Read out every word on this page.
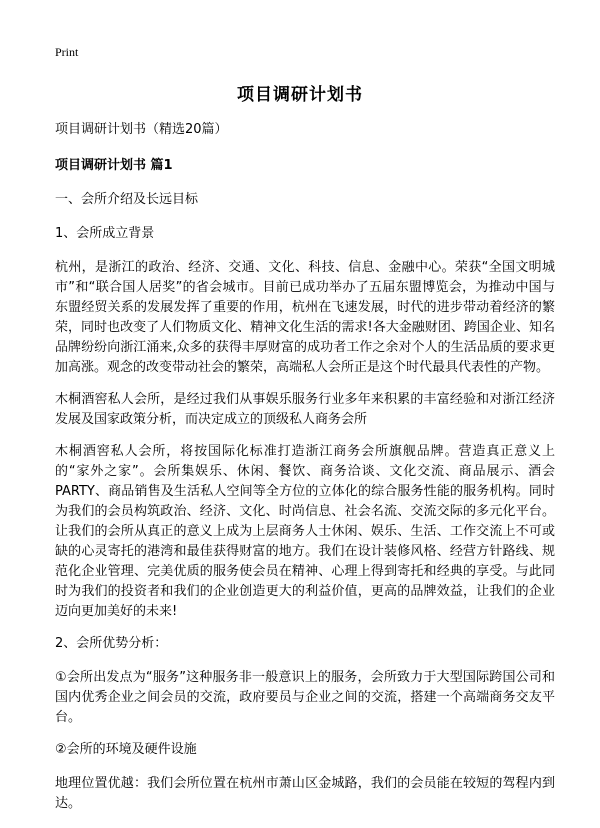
Print
项目调研计划书

项目调研计划书（精选20篇）

项目调研计划书 篇1

一、会所介绍及长远目标

1、会所成立背景

杭州，是浙江的政治、经济、交通、文化、科技、信息、金融中心。荣获“全国文明城市”和“联合国人居奖”的省会城市。目前已成功举办了五届东盟博览会，为推动中国与东盟经贸关系的发展发挥了重要的作用，杭州在飞速发展，时代的进步带动着经济的繁荣，同时也改变了人们物质文化、精神文化生活的需求!各大金融财团、跨国企业、知名品牌纷纷向浙江涌来,众多的获得丰厚财富的成功者工作之余对个人的生活品质的要求更加高涨。观念的改变带动社会的繁荣，高端私人会所正是这个时代最具代表性的产物。

木桐酒窖私人会所，是经过我们从事娱乐服务行业多年来积累的丰富经验和对浙江经济发展及国家政策分析，而决定成立的顶级私人商务会所

木桐酒窖私人会所，将按国际化标准打造浙江商务会所旗舰品牌。营造真正意义上的“家外之家”。会所集娱乐、休闲、餐饮、商务洽谈、文化交流、商品展示、酒会PARTY、商品销售及生活私人空间等全方位的立体化的综合服务性能的服务机构。同时为我们的会员构筑政治、经济、文化、时尚信息、社会名流、交流交际的多元化平台。让我们的会所从真正的意义上成为上层商务人士休闲、娱乐、生活、工作交流上不可或缺的心灵寄托的港湾和最佳获得财富的地方。我们在设计装修风格、经营方针路线、规范化企业管理、完美优质的服务使会员在精神、心理上得到寄托和经典的享受。与此同时为我们的投资者和我们的企业创造更大的利益价值，更高的品牌效益，让我们的企业迈向更加美好的未来!

2、会所优势分析：

①会所出发点为“服务”这种服务非一般意识上的服务，会所致力于大型国际跨国公司和国内优秀企业之间会员的交流，政府要员与企业之间的交流，搭建一个高端商务交友平台。

②会所的环境及硬件设施

地理位置优越：我们会所位置在杭州市萧山区金城路，我们的会员能在较短的驾程内到达。
